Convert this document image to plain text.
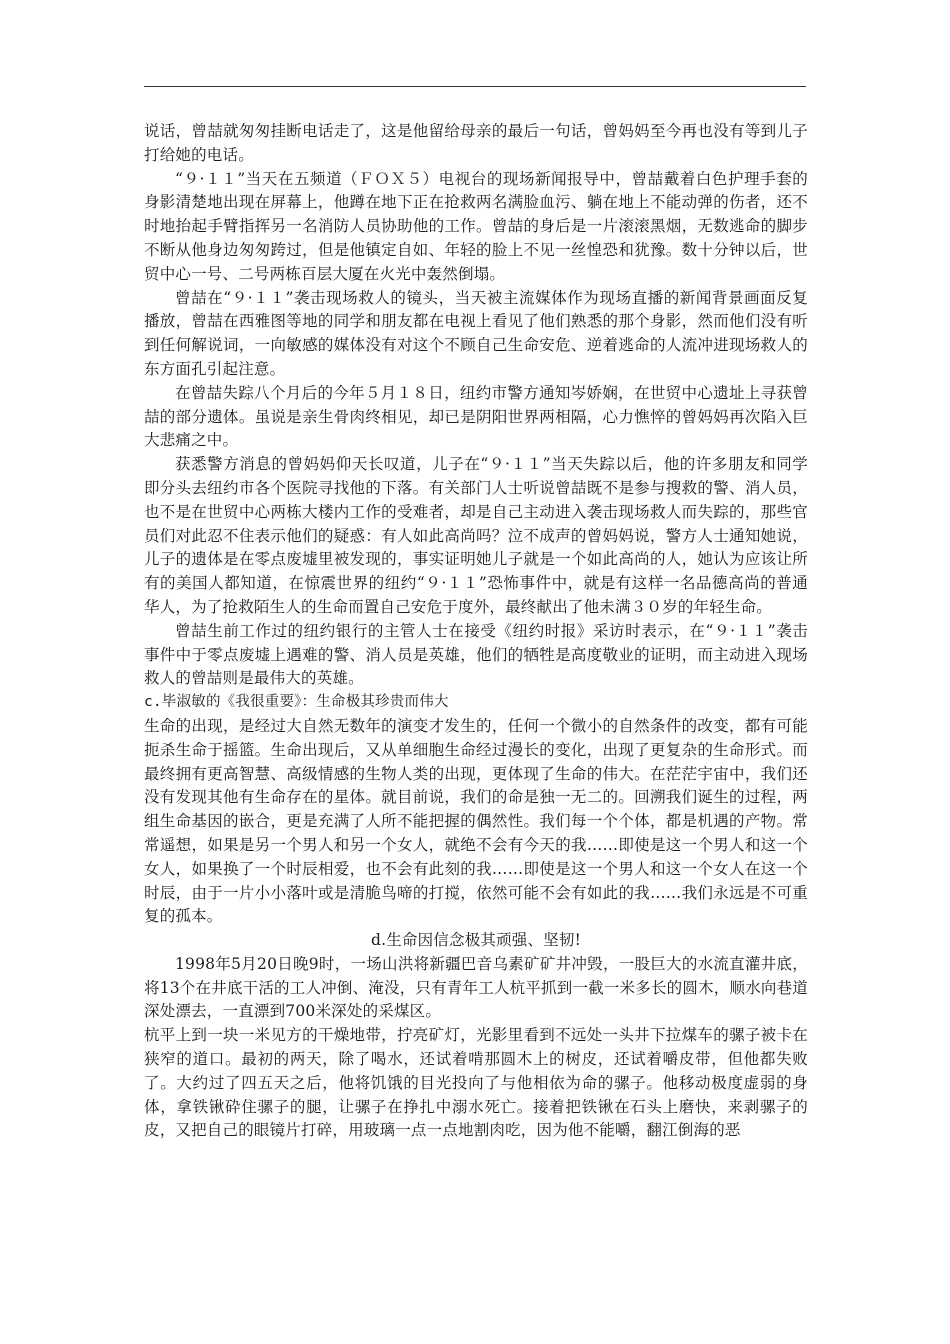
说话，曾喆就匆匆挂断电话走了，这是他留给母亲的最后一句话，曾妈妈至今再也没有等到儿子打给她的电话。

“９·１１”当天在五频道（ＦＯＸ５）电视台的现场新闻报导中，曾喆戴着白色护理手套的身影清楚地出现在屏幕上，他蹲在地下正在抢救两名满脸血污、躺在地上不能动弹的伤者，还不时地抬起手臂指挥另一名消防人员协助他的工作。曾喆的身后是一片滚滚黑烟，无数逃命的脚步不断从他身边匆匆跨过，但是他镇定自如、年轻的脸上不见一丝惶恐和犹豫。数十分钟以后，世贸中心一号、二号两栋百层大厦在火光中轰然倒塌。

曾喆在“９·１１”袭击现场救人的镜头，当天被主流媒体作为现场直播的新闻背景画面反复播放，曾喆在西雅图等地的同学和朋友都在电视上看见了他们熟悉的那个身影，然而他们没有听到任何解说词，一向敏感的媒体没有对这个不顾自己生命安危、逆着逃命的人流冲进现场救人的东方面孔引起注意。

在曾喆失踪八个月后的今年５月１８日，纽约市警方通知岑娇娴，在世贸中心遗址上寻获曾喆的部分遗体。虽说是亲生骨肉终相见，却已是阴阳世界两相隔，心力憔悴的曾妈妈再次陷入巨大悲痛之中。

获悉警方消息的曾妈妈仰天长叹道，儿子在“９·１１”当天失踪以后，他的许多朋友和同学即分头去纽约市各个医院寻找他的下落。有关部门人士听说曾喆既不是参与搜救的警、消人员，也不是在世贸中心两栋大楼内工作的受难者，却是自己主动进入袭击现场救人而失踪的，那些官员们对此忍不住表示他们的疑惑：有人如此高尚吗？泣不成声的曾妈妈说，警方人士通知她说，儿子的遗体是在零点废墟里被发现的，事实证明她儿子就是一个如此高尚的人，她认为应该让所有的美国人都知道，在惊震世界的纽约“９·１１”恐怖事件中，就是有这样一名品德高尚的普通华人，为了抢救陌生人的生命而置自己安危于度外，最终献出了他未满３０岁的年轻生命。

曾喆生前工作过的纽约银行的主管人士在接受《纽约时报》采访时表示，在“９·１１”袭击事件中于零点废墟上遇难的警、消人员是英雄，他们的牺牲是高度敬业的证明，而主动进入现场救人的曾喆则是最伟大的英雄。

c.毕淑敏的《我很重要》：生命极其珍贵而伟大

生命的出现，是经过大自然无数年的演变才发生的，任何一个微小的自然条件的改变，都有可能扼杀生命于摇篮。生命出现后，又从单细胞生命经过漫长的变化，出现了更复杂的生命形式。而最终拥有更高智慧、高级情感的生物人类的出现，更体现了生命的伟大。在茫茫宇宙中，我们还没有发现其他有生命存在的星体。就目前说，我们的命是独一无二的。回溯我们诞生的过程，两组生命基因的嵌合，更是充满了人所不能把握的偶然性。我们每一个个体，都是机遇的产物。常常遥想，如果是另一个男人和另一个女人，就绝不会有今天的我……即使是这一个男人和这一个女人，如果换了一个时辰相爱，也不会有此刻的我……即使是这一个男人和这一个女人在这一个时辰，由于一片小小落叶或是清脆鸟啼的打搅，依然可能不会有如此的我……我们永远是不可重复的孤本。

d.生命因信念极其顽强、坚韧!

1998年5月20日晚9时，一场山洪将新疆巴音乌素矿矿井冲毁，一股巨大的水流直灌井底，将13个在井底干活的工人冲倒、淹没，只有青年工人杭平抓到一截一米多长的圆木，顺水向巷道深处漂去，一直漂到700米深处的采煤区。

杭平上到一块一米见方的干燥地带，拧亮矿灯，光影里看到不远处一头井下拉煤车的骡子被卡在狭窄的道口。最初的两天，除了喝水，还试着啃那圆木上的树皮，还试着嚼皮带，但他都失败了。大约过了四五天之后，他将饥饿的目光投向了与他相依为命的骡子。他移动极度虚弱的身体，拿铁锹砕住骡子的腿，让骡子在挣扎中溺水死亡。接着把铁锹在石头上磨快，来剥骡子的皮，又把自己的眼镜片打碎，用玻璃一点一点地割肉吃，因为他不能嚼，翻江倒海的恶
